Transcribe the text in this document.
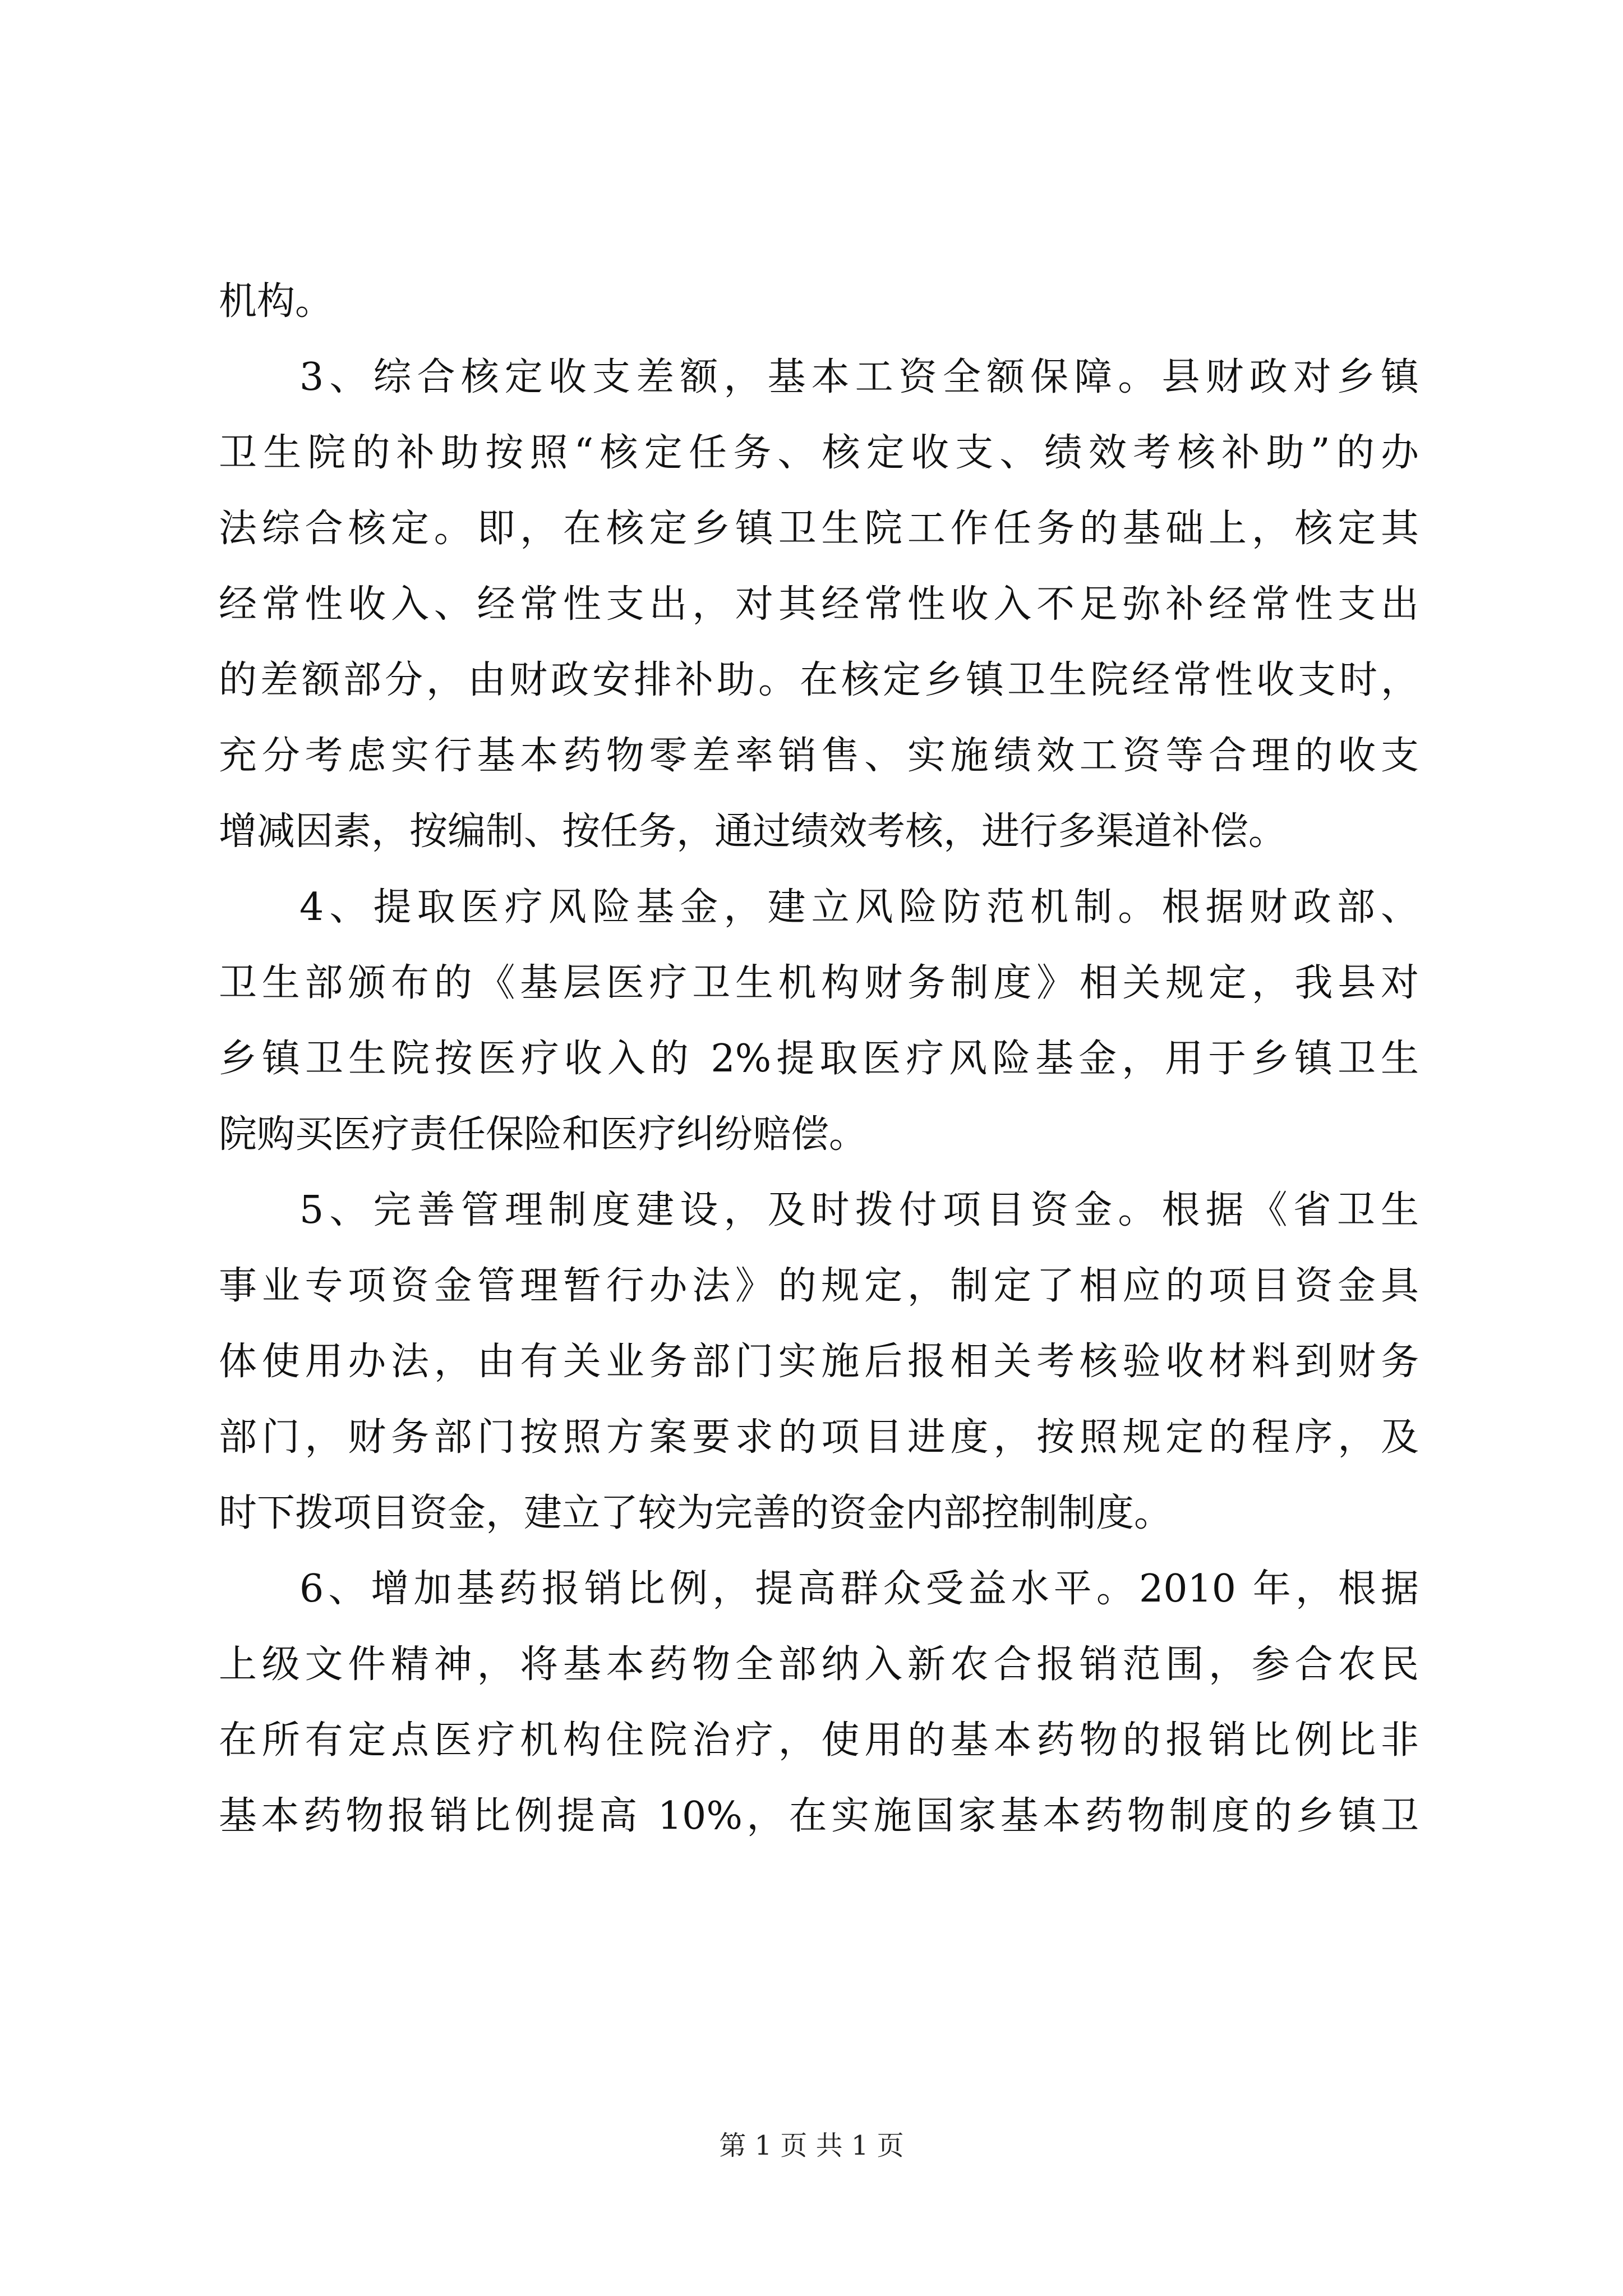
机构。
3、综合核定收支差额，基本工资全额保障。县财政对乡镇
卫生院的补助按照“核定任务、核定收支、绩效考核补助”的办
法综合核定。即，在核定乡镇卫生院工作任务的基础上，核定其
经常性收入、经常性支出，对其经常性收入不足弥补经常性支出
的差额部分，由财政安排补助。在核定乡镇卫生院经常性收支时，
充分考虑实行基本药物零差率销售、实施绩效工资等合理的收支
增减因素，按编制、按任务，通过绩效考核，进行多渠道补偿。
4、提取医疗风险基金，建立风险防范机制。根据财政部、
卫生部颁布的《基层医疗卫生机构财务制度》相关规定，我县对
乡镇卫生院按医疗收入的 2%提取医疗风险基金，用于乡镇卫生
院购买医疗责任保险和医疗纠纷赔偿。
5、完善管理制度建设，及时拨付项目资金。根据《省卫生
事业专项资金管理暂行办法》的规定，制定了相应的项目资金具
体使用办法，由有关业务部门实施后报相关考核验收材料到财务
部门，财务部门按照方案要求的项目进度，按照规定的程序，及
时下拨项目资金，建立了较为完善的资金内部控制制度。
6、增加基药报销比例，提高群众受益水平。2010 年，根据
上级文件精神，将基本药物全部纳入新农合报销范围，参合农民
在所有定点医疗机构住院治疗，使用的基本药物的报销比例比非
基本药物报销比例提高 10%，在实施国家基本药物制度的乡镇卫
第 1 页 共 1 页
